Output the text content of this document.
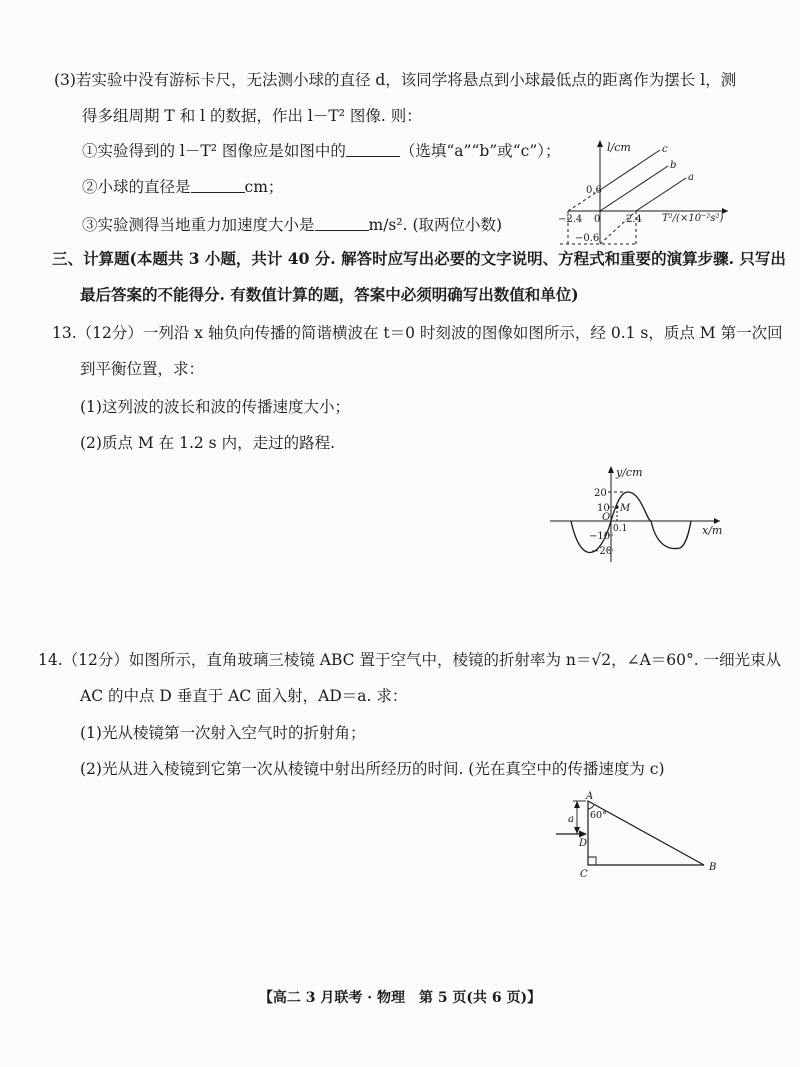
(3)若实验中没有游标卡尺，无法测小球的直径 d，该同学将悬点到小球最低点的距离作为摆长 l，测
得多组周期 T 和 l 的数据，作出 l－T² 图像. 则：
①实验得到的 l－T² 图像应是如图中的	（选填“a”“b”或“c”）；
②小球的直径是	cm；
③实验测得当地重力加速度大小是	m/s². (取两位小数)
l/cm
T²/(×10⁻²s²)
0.6
−0.6
−2.4	2.4
0
c
b
a
三、计算题(本题共 3 小题，共计 40 分. 解答时应写出必要的文字说明、方程式和重要的演算步骤. 只写出
最后答案的不能得分. 有数值计算的题，答案中必须明确写出数值和单位)
13.（12分）一列沿 x 轴负向传播的简谐横波在 t＝0 时刻波的图像如图所示，经 0.1 s，质点 M 第一次回
到平衡位置，求：
(1)这列波的波长和波的传播速度大小；
(2)质点 M 在 1.2 s 内，走过的路程.
y/cm
x/m
20
10
−10
−20
O
0.1
M
14.（12分）如图所示，直角玻璃三棱镜 ABC 置于空气中，棱镜的折射率为 n＝√2，∠A＝60°. 一细光束从
AC 的中点 D 垂直于 AC 面入射，AD＝a. 求：
(1)光从棱镜第一次射入空气时的折射角；
(2)光从进入棱镜到它第一次从棱镜中射出所经历的时间. (光在真空中的传播速度为 c)
A
60°
a
D
C
B
【高二 3 月联考 · 物理　第 5 页(共 6 页)】
